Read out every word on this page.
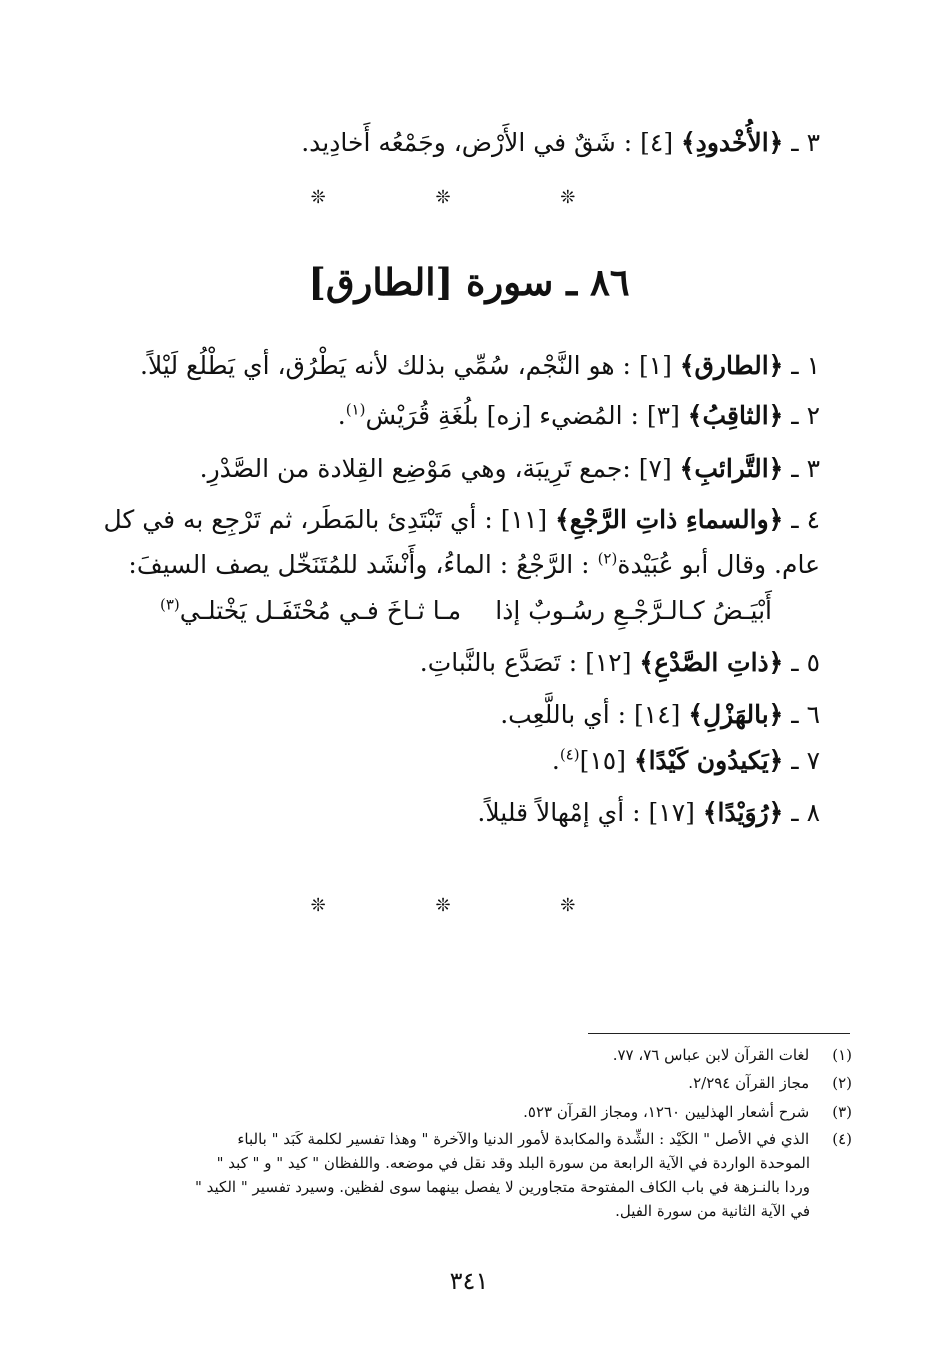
٣ ـ ﴿الأُخْدودِ﴾ [٤] : شَقٌ في الأَرْض، وجَمْعُه أَخادِيد.
❊ ❊ ❊
٨٦ ـ سورة [الطارق]
١ ـ ﴿الطارق﴾ [١] : هو النَّجْم، سُمِّي بذلك لأنه يَطْرُق، أي يَطْلُع لَيْلاً.
٢ ـ ﴿الثاقِبُ﴾ [٣] : المُضيء [زه] بلُغَةِ قُرَيْش$^{(١)}$.
٣ ـ ﴿التَّرائبِ﴾ [٧] :جمع تَرِيبَة، وهي مَوْضِع القِلادة من الصَّدْرِ.
٤ ـ ﴿والسماءِ ذاتِ الرَّجْعِ﴾ [١١] : أي تَبْتَدِئ بالمَطَر، ثم تَرْجِع به في كل
عام. وقال أبو عُبَيْدة$^{(٢)}$ : الرَّجْعُ : الماءُ، وأَنْشَد للمُتَنَخّل يصف السيفَ:
أَبْيَـضُ كـالـرَّجْـعِ رسُـوبٌ إذا
مـا ثـاخَ فـي مُحْتَفَـل يَخْتلـي$^{(٣)}$
٥ ـ ﴿ذاتِ الصَّدْعِ﴾ [١٢] : تَصَدَّع بالنَّباتِ.
٦ ـ ﴿بالهَزْلِ﴾ [١٤] : أي باللَّعِب.
٧ ـ ﴿يَكيدُون كَيْدًا﴾ [١٥]$^{(٤)}$.
٨ ـ ﴿رُوَيْدًا﴾ [١٧] : أي إمْهالاً قليلاً.
❊ ❊ ❊
(١) لغات القرآن لابن عباس ٧٦، ٧٧.
(٢) مجاز القرآن ٢/٢٩٤.
(٣) شرح أشعار الهذليين ١٢٦٠، ومجاز القرآن ٥٢٣.
(٤) الذي في الأصل " الكَيْد : الشِّدة والمكابدة لأمور الدنيا والآخرة " وهذا تفسير لكلمة كَبَد " بالباء
الموحدة الواردة في الآية الرابعة من سورة البلد وقد نقل في موضعه. واللفظان " كيد " و " كبد "
وردا بالنـزهة في باب الكاف المفتوحة متجاورين لا يفصل بينهما سوى لفظين. وسيرد تفسير " الكيد "
في الآية الثانية من سورة الفيل.
٣٤١
